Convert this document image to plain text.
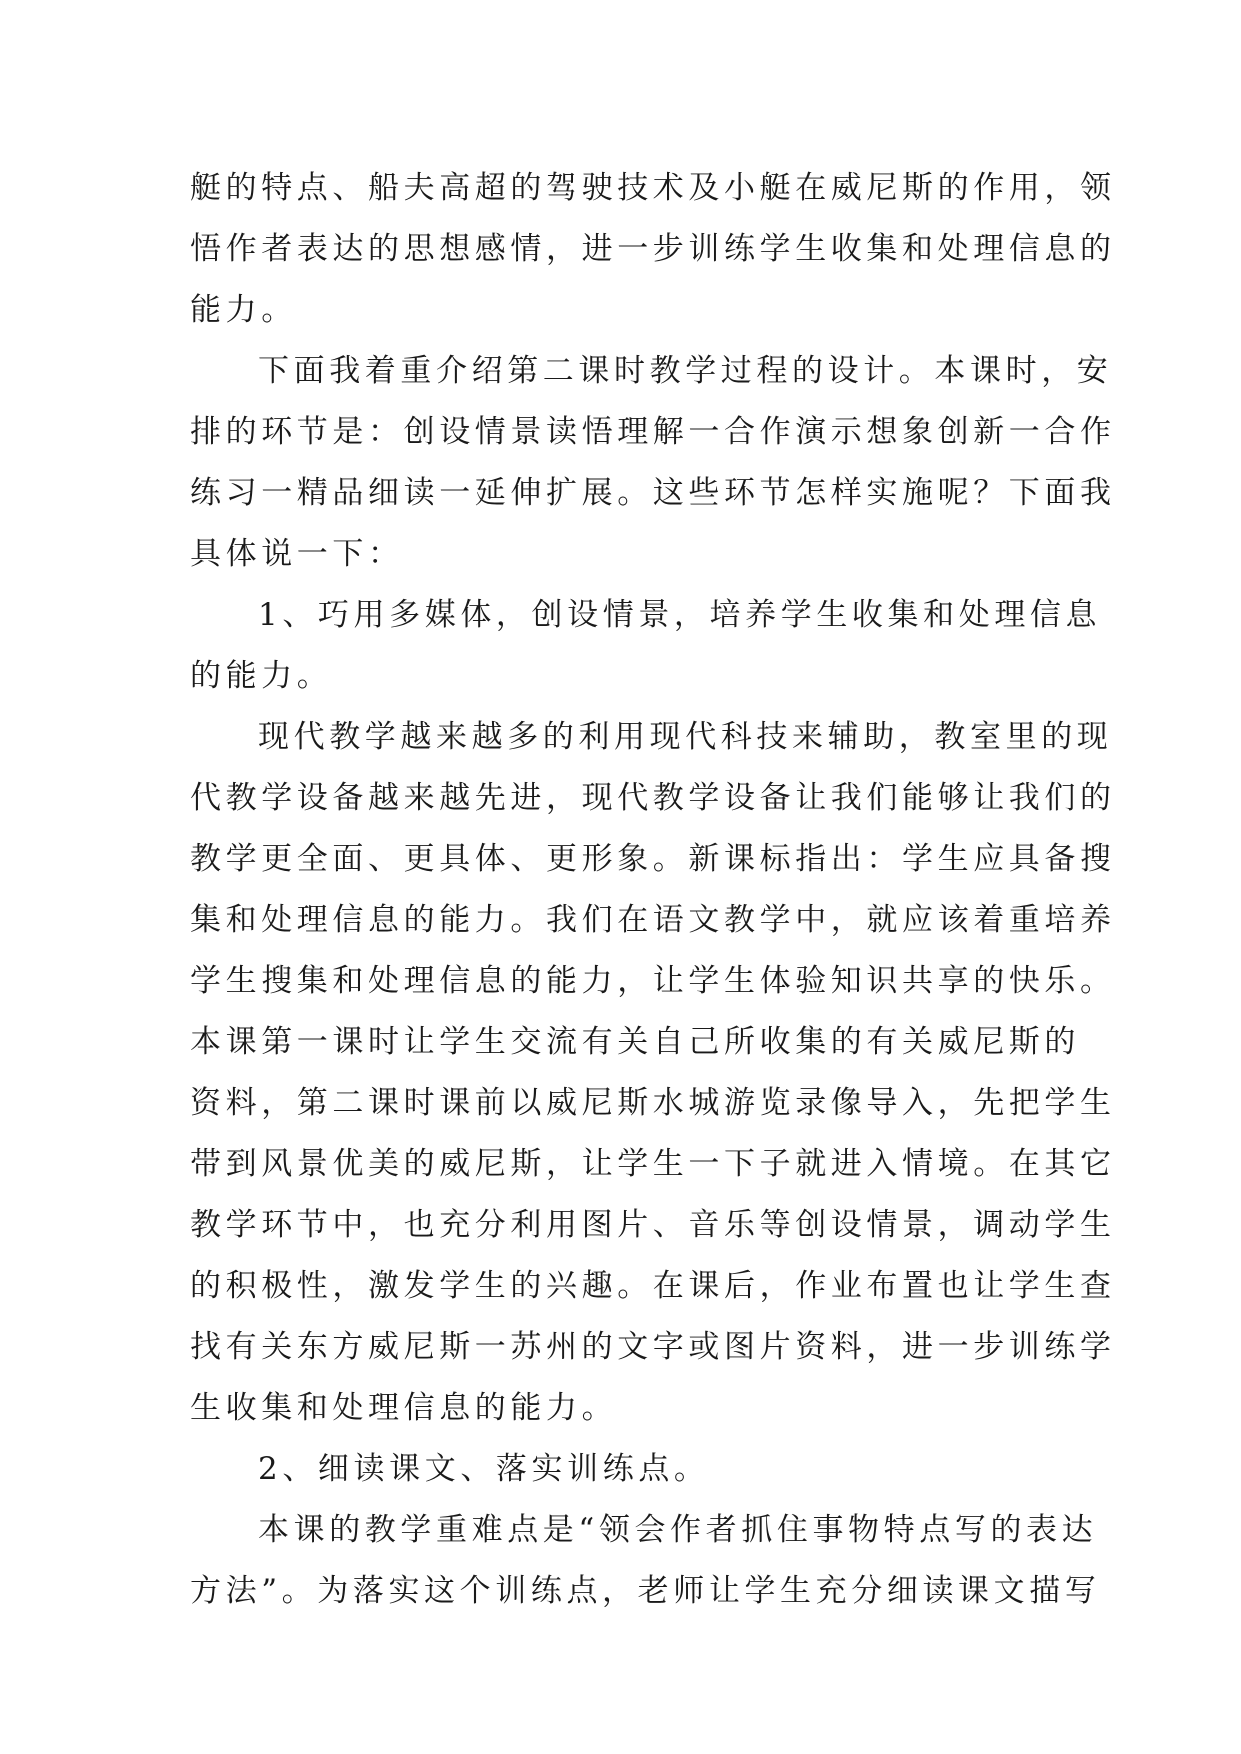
艇的特点、船夫高超的驾驶技术及小艇在威尼斯的作用，领
悟作者表达的思想感情，进一步训练学生收集和处理信息的
能力。
下面我着重介绍第二课时教学过程的设计。本课时，安
排的环节是：创设情景读悟理解一合作演示想象创新一合作
练习一精品细读一延伸扩展。这些环节怎样实施呢？下面我
具体说一下：
1、巧用多媒体，创设情景，培养学生收集和处理信息
的能力。
现代教学越来越多的利用现代科技来辅助，教室里的现
代教学设备越来越先进，现代教学设备让我们能够让我们的
教学更全面、更具体、更形象。新课标指出：学生应具备搜
集和处理信息的能力。我们在语文教学中，就应该着重培养
学生搜集和处理信息的能力，让学生体验知识共享的快乐。
本课第一课时让学生交流有关自己所收集的有关威尼斯的
资料，第二课时课前以威尼斯水城游览录像导入，先把学生
带到风景优美的威尼斯，让学生一下子就进入情境。在其它
教学环节中，也充分利用图片、音乐等创设情景，调动学生
的积极性，激发学生的兴趣。在课后，作业布置也让学生查
找有关东方威尼斯一苏州的文字或图片资料，进一步训练学
生收集和处理信息的能力。
2、细读课文、落实训练点。
本课的教学重难点是“领会作者抓住事物特点写的表达
方法”。为落实这个训练点，老师让学生充分细读课文描写
